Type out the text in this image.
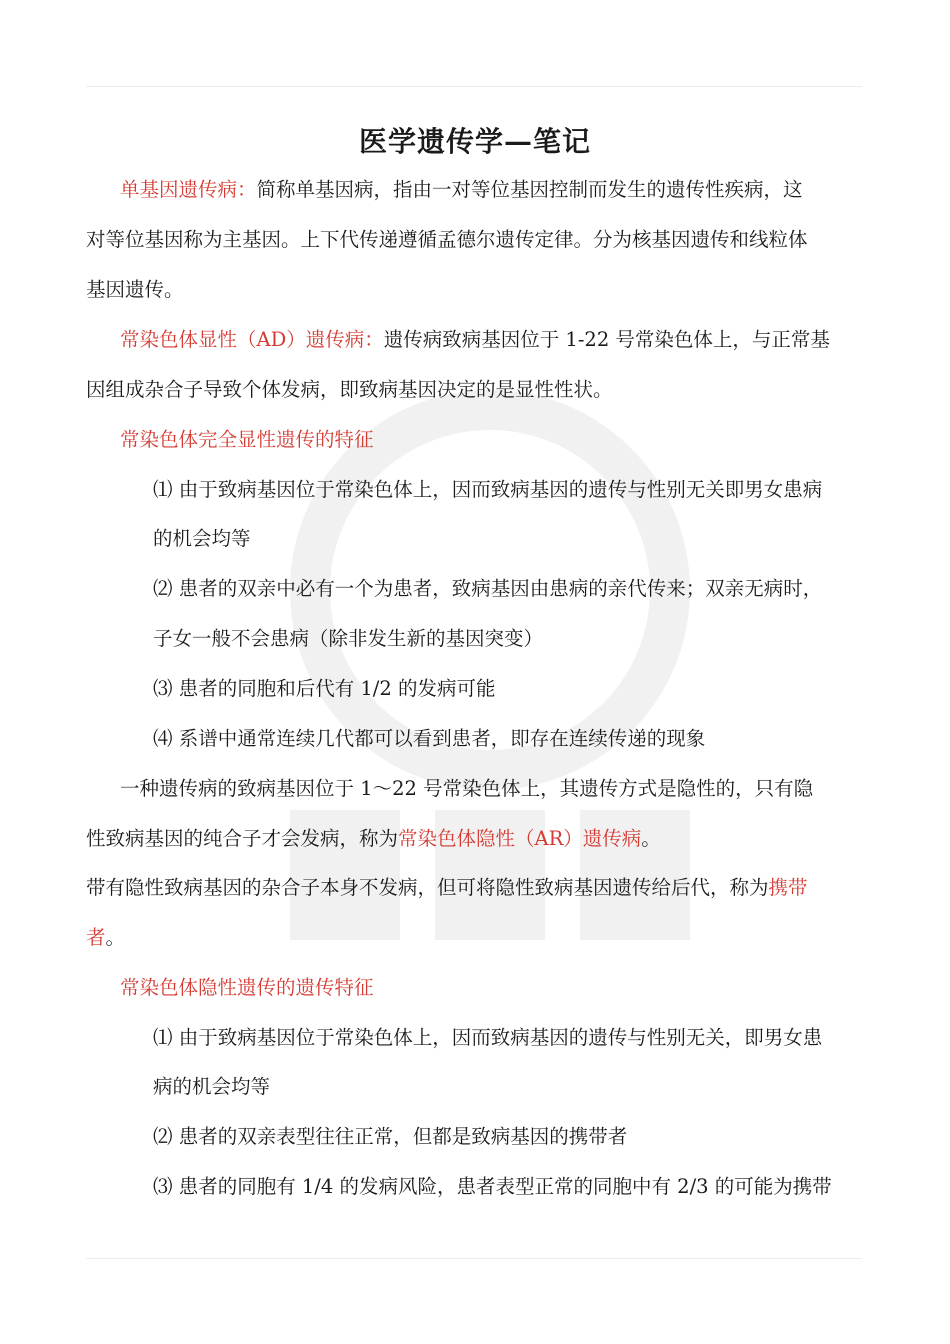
医学遗传学—笔记
单基因遗传病：简称单基因病，指由一对等位基因控制而发生的遗传性疾病，这
对等位基因称为主基因。上下代传递遵循孟德尔遗传定律。分为核基因遗传和线粒体
基因遗传。
常染色体显性（AD）遗传病：遗传病致病基因位于 1-22 号常染色体上，与正常基
因组成杂合子导致个体发病，即致病基因决定的是显性性状。
常染色体完全显性遗传的特征
⑴ 由于致病基因位于常染色体上，因而致病基因的遗传与性别无关即男女患病
的机会均等
⑵ 患者的双亲中必有一个为患者，致病基因由患病的亲代传来；双亲无病时，
子女一般不会患病（除非发生新的基因突变）
⑶ 患者的同胞和后代有 1/2 的发病可能
⑷ 系谱中通常连续几代都可以看到患者，即存在连续传递的现象
一种遗传病的致病基因位于 1～22 号常染色体上，其遗传方式是隐性的，只有隐
性致病基因的纯合子才会发病，称为常染色体隐性（AR）遗传病。
带有隐性致病基因的杂合子本身不发病，但可将隐性致病基因遗传给后代，称为携带
者。
常染色体隐性遗传的遗传特征
⑴ 由于致病基因位于常染色体上，因而致病基因的遗传与性别无关，即男女患
病的机会均等
⑵ 患者的双亲表型往往正常，但都是致病基因的携带者
⑶ 患者的同胞有 1/4 的发病风险，患者表型正常的同胞中有 2/3 的可能为携带
